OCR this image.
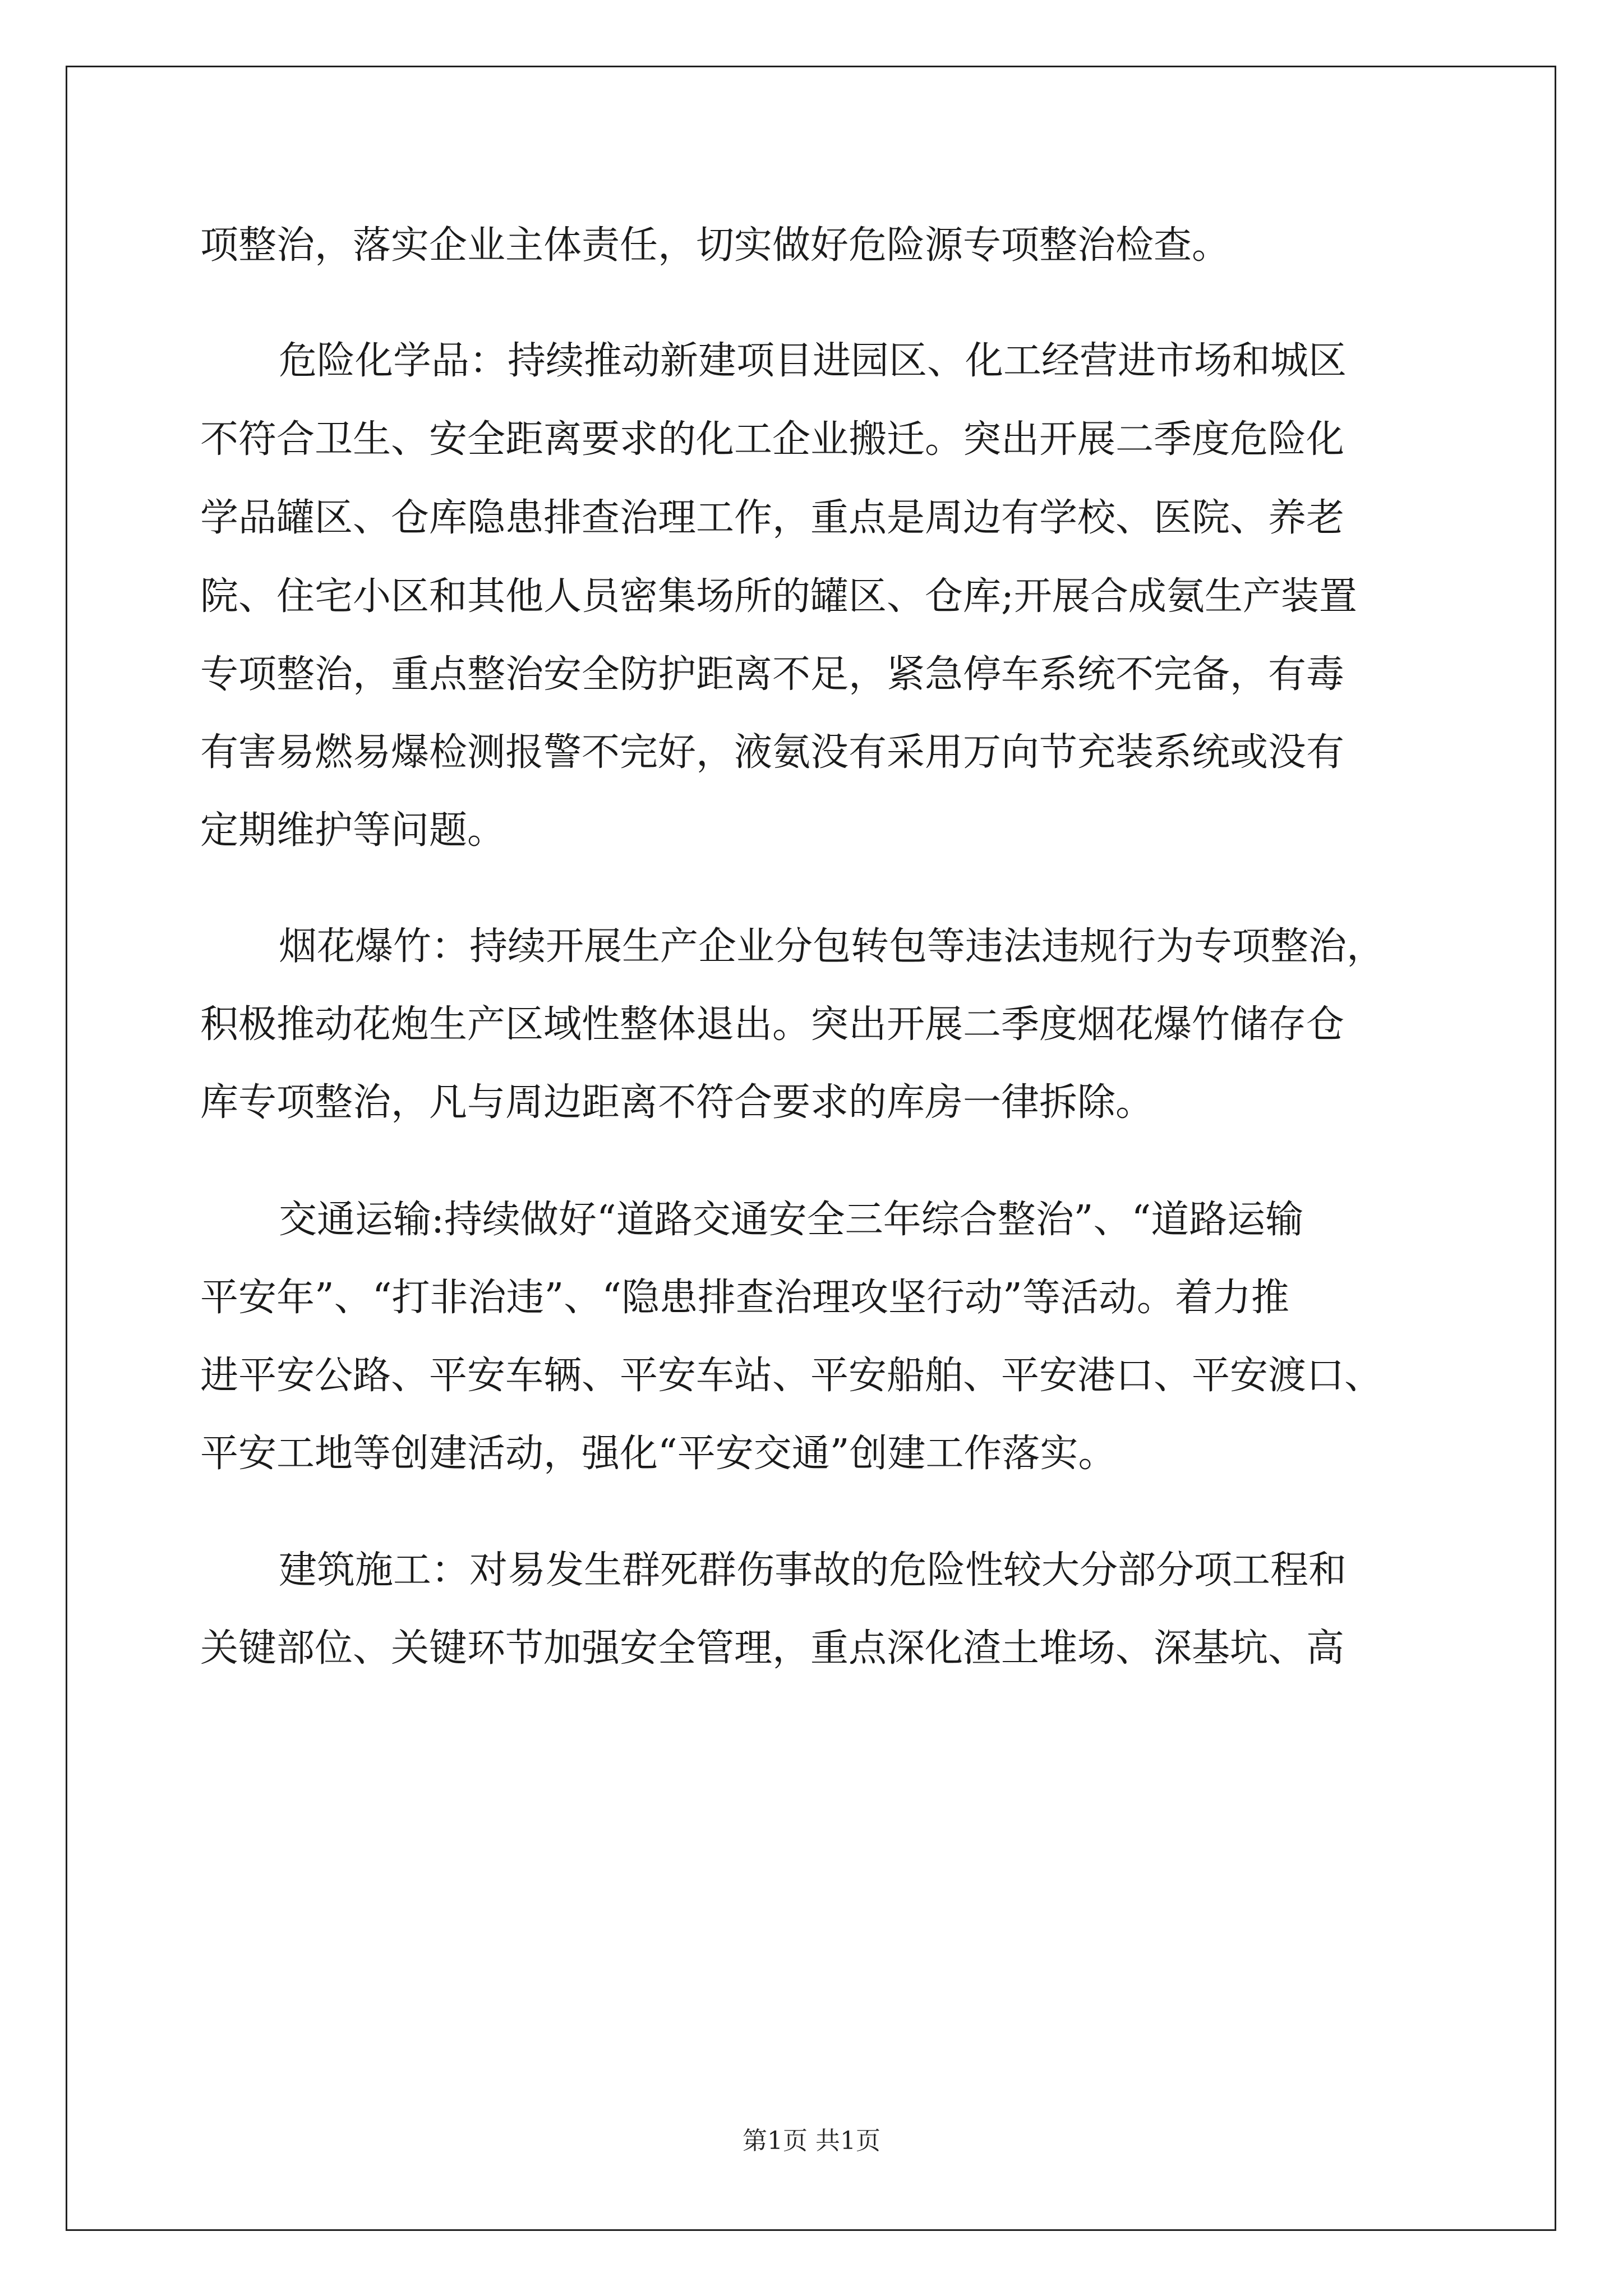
项整治，落实企业主体责任，切实做好危险源专项整治检查。
危险化学品：持续推动新建项目进园区、化工经营进市场和城区
不符合卫生、安全距离要求的化工企业搬迁。突出开展二季度危险化
学品罐区、仓库隐患排查治理工作，重点是周边有学校、医院、养老
院、住宅小区和其他人员密集场所的罐区、仓库;开展合成氨生产装置
专项整治，重点整治安全防护距离不足，紧急停车系统不完备，有毒
有害易燃易爆检测报警不完好，液氨没有采用万向节充装系统或没有
定期维护等问题。
烟花爆竹：持续开展生产企业分包转包等违法违规行为专项整治，
积极推动花炮生产区域性整体退出。突出开展二季度烟花爆竹储存仓
库专项整治，凡与周边距离不符合要求的库房一律拆除。
交通运输:持续做好“道路交通安全三年综合整治”、“道路运输
平安年”、“打非治违”、“隐患排查治理攻坚行动”等活动。着力推
进平安公路、平安车辆、平安车站、平安船舶、平安港口、平安渡口、
平安工地等创建活动，强化“平安交通”创建工作落实。
建筑施工：对易发生群死群伤事故的危险性较大分部分项工程和
关键部位、关键环节加强安全管理，重点深化渣土堆场、深基坑、高
第1页 共1页
